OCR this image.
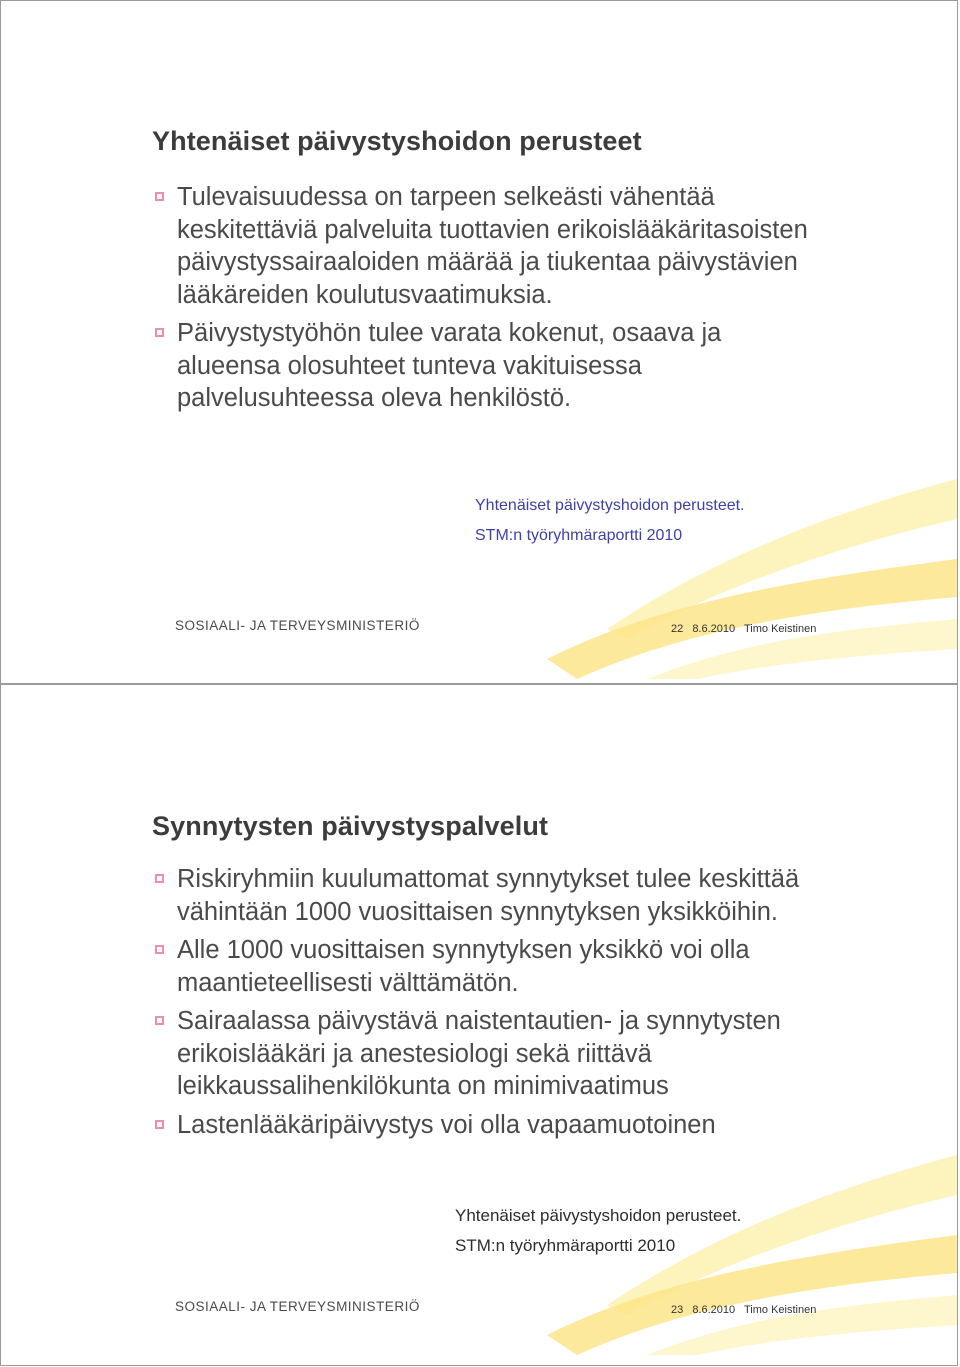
Yhtenäiset päivystyshoidon perusteet
Tulevaisuudessa on tarpeen selkeästi vähentää keskitettäviä palveluita tuottavien erikoislääkäritasoisten päivystyssairaaloiden määrää ja tiukentaa päivystävien lääkäreiden koulutusvaatimuksia.
Päivystystyöhön tulee varata kokenut, osaava ja alueensa olosuhteet tunteva vakituisessa palvelusuhteessa oleva henkilöstö.
Yhtenäiset päivystyshoidon perusteet.
STM:n työryhmäraportti 2010
SOSIAALI- JA TERVEYSMINISTERIÖ	22 8.6.2010 Timo Keistinen
Synnytysten päivystyspalvelut
Riskiryhmiin kuulumattomat synnytykset tulee keskittää vähintään 1000 vuosittaisen synnytyksen yksikköihin.
Alle 1000 vuosittaisen synnytyksen yksikkö voi olla maantieteellisesti välttämätön.
Sairaalassa päivystävä naistentautien- ja synnytysten erikoislääkäri ja anestesiologi sekä riittävä leikkaussalihenkilökunta on minimivaatimus
Lastenlääkäripäivystys voi olla vapaamuotoinen
Yhtenäiset päivystyshoidon perusteet.
STM:n työryhmäraportti 2010
SOSIAALI- JA TERVEYSMINISTERIÖ	23 8.6.2010 Timo Keistinen
